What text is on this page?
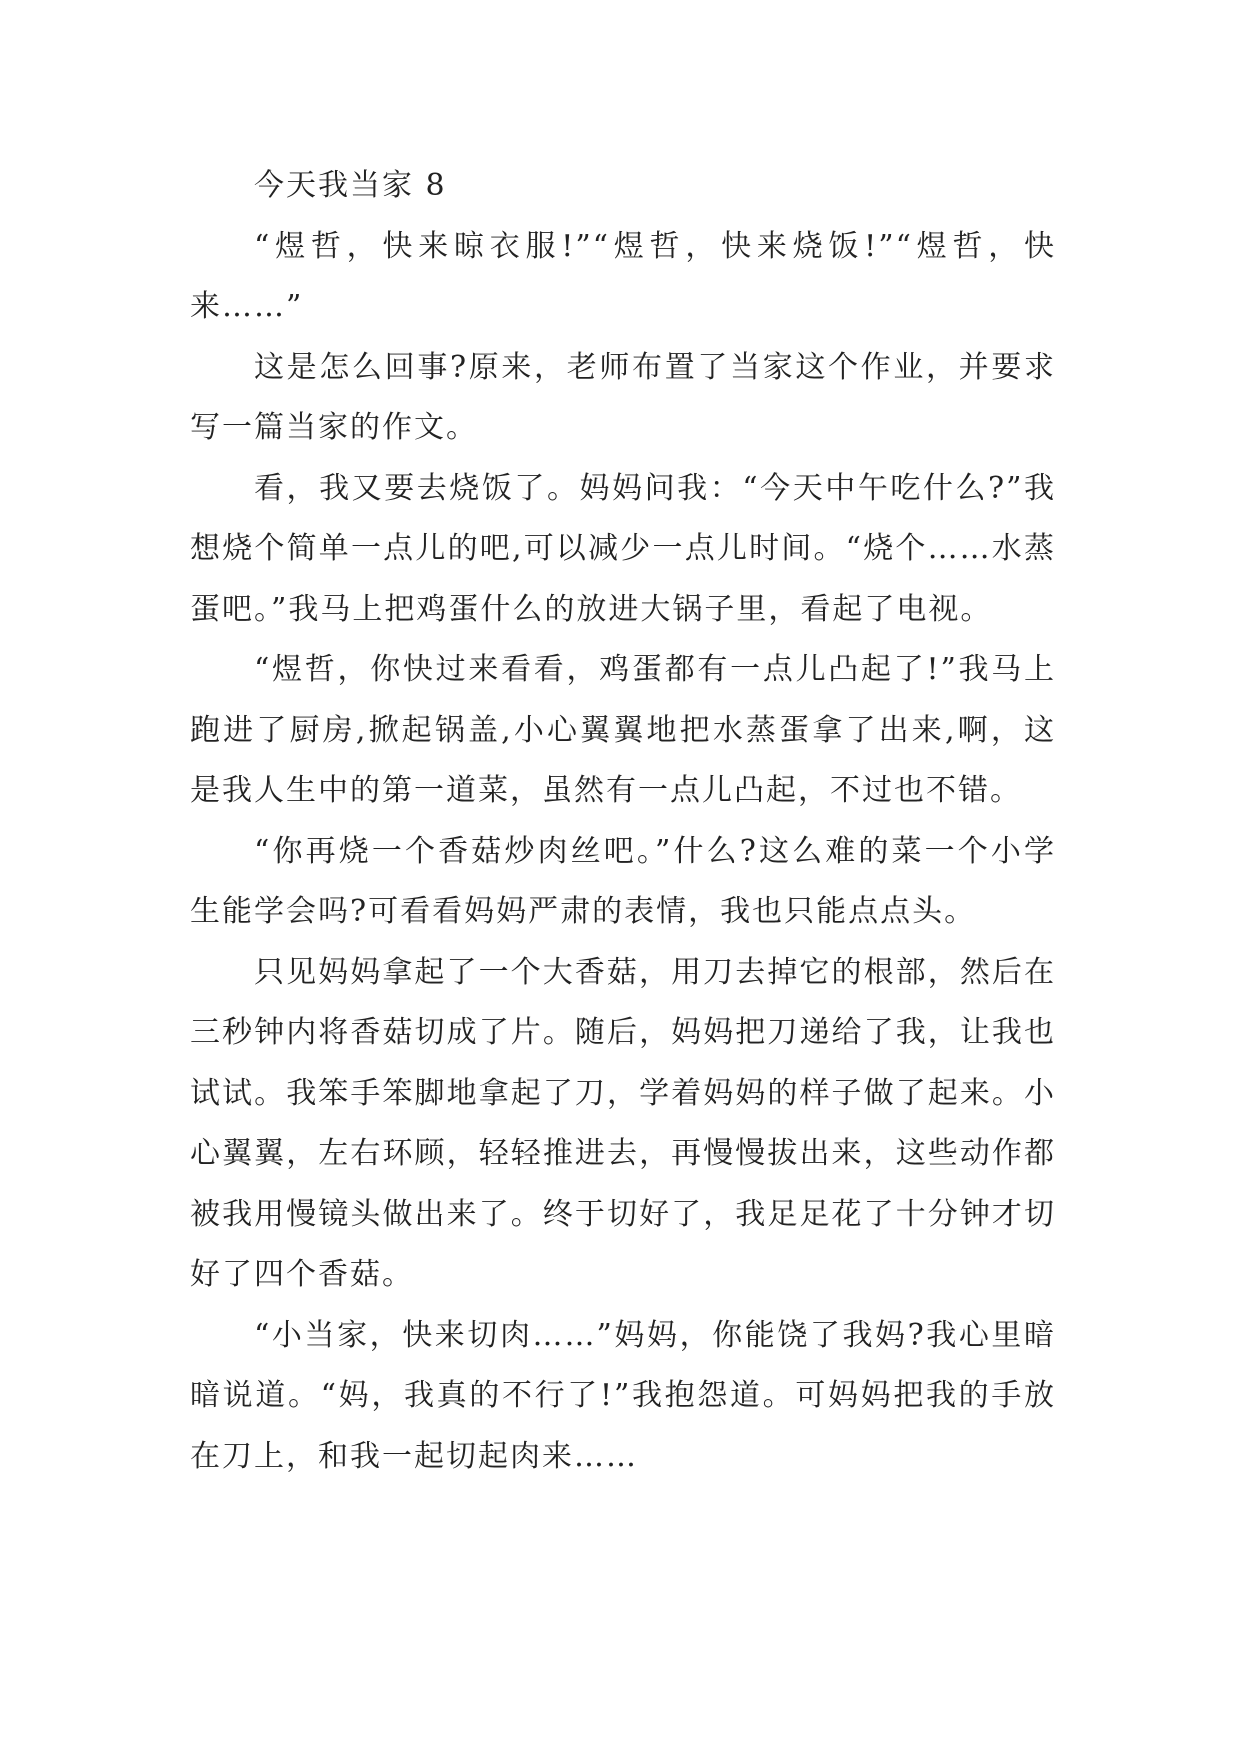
今天我当家 8

“煜哲，快来晾衣服!”“煜哲，快来烧饭!”“煜哲，快来……”

这是怎么回事?原来，老师布置了当家这个作业，并要求写一篇当家的作文。

看，我又要去烧饭了。妈妈问我：“今天中午吃什么?”我想烧个简单一点儿的吧,可以减少一点儿时间。“烧个……水蒸蛋吧。”我马上把鸡蛋什么的放进大锅子里，看起了电视。

“煜哲，你快过来看看，鸡蛋都有一点儿凸起了!”我马上跑进了厨房,掀起锅盖,小心翼翼地把水蒸蛋拿了出来,啊，这是我人生中的第一道菜，虽然有一点儿凸起，不过也不错。

“你再烧一个香菇炒肉丝吧。”什么?这么难的菜一个小学生能学会吗?可看看妈妈严肃的表情，我也只能点点头。

只见妈妈拿起了一个大香菇，用刀去掉它的根部，然后在三秒钟内将香菇切成了片。随后，妈妈把刀递给了我，让我也试试。我笨手笨脚地拿起了刀，学着妈妈的样子做了起来。小心翼翼，左右环顾，轻轻推进去，再慢慢拔出来，这些动作都被我用慢镜头做出来了。终于切好了，我足足花了十分钟才切好了四个香菇。

“小当家，快来切肉……”妈妈，你能饶了我妈?我心里暗暗说道。“妈，我真的不行了!”我抱怨道。可妈妈把我的手放在刀上，和我一起切起肉来……
